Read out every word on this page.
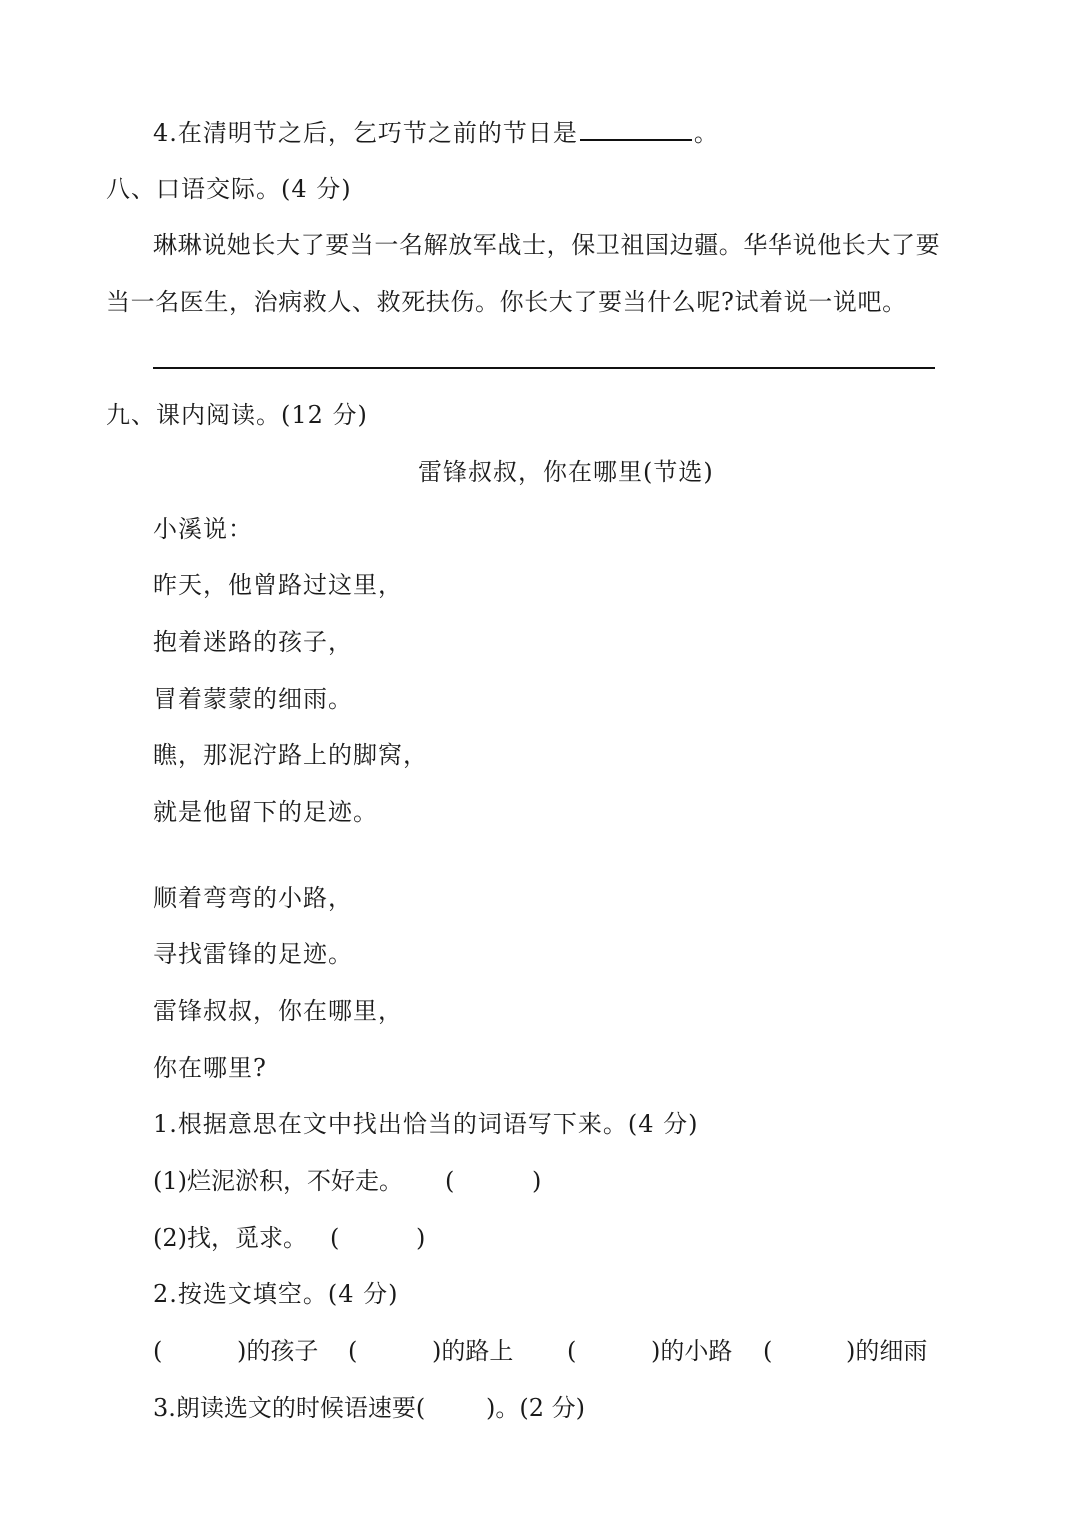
4.在清明节之后，乞巧节之前的节日是	。
八、口语交际。(4 分)
琳琳说她长大了要当一名解放军战士，保卫祖国边疆。华华说他长大了要
当一名医生，治病救人、救死扶伤。你长大了要当什么呢?试着说一说吧。
九、课内阅读。(12 分)
雷锋叔叔，你在哪里(节选)
小溪说：
昨天，他曾路过这里，
抱着迷路的孩子，
冒着蒙蒙的细雨。
瞧，那泥泞路上的脚窝，
就是他留下的足迹。
顺着弯弯的小路，
寻找雷锋的足迹。
雷锋叔叔，你在哪里，
你在哪里?
1.根据意思在文中找出恰当的词语写下来。(4 分)
(1)烂泥淤积，不好走。 (	)
(2)找，觅求。 (	)
2.按选文填空。(4 分)
(	)的孩子 (	)的路上 (	)的小路 (	)的细雨
3.朗读选文的时候语速要(	)。(2 分)
